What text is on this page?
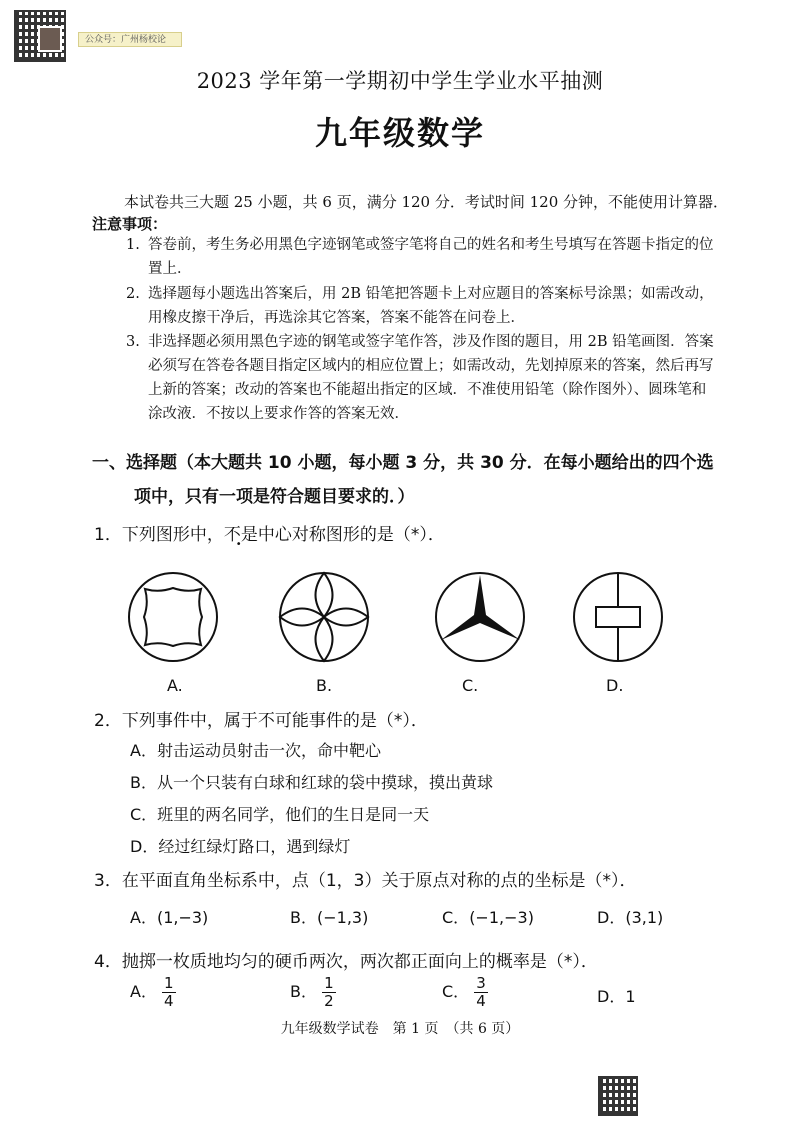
公众号：广州杨校论
2023 学年第一学期初中学生学业水平抽测
九年级数学
本试卷共三大题 25 小题，共 6 页，满分 120 分．考试时间 120 分钟，不能使用计算器．
注意事项：
1. 答卷前，考生务必用黑色字迹钢笔或签字笔将自己的姓名和考生号填写在答题卡指定的位置上．
2. 选择题每小题选出答案后，用 2B 铅笔把答题卡上对应题目的答案标号涂黑；如需改动，用橡皮擦干净后，再选涂其它答案，答案不能答在问卷上．
3. 非选择题必须用黑色字迹的钢笔或签字笔作答，涉及作图的题目，用 2B 铅笔画图．答案必须写在答卷各题目指定区域内的相应位置上；如需改动，先划掉原来的答案，然后再写上新的答案；改动的答案也不能超出指定的区域．不准使用铅笔（除作图外）、圆珠笔和涂改液．不按以上要求作答的答案无效．
一、选择题（本大题共 10 小题，每小题 3 分，共 30 分．在每小题给出的四个选
项中，只有一项是符合题目要求的．）
1．下列图形中，不是中心对称图形的是（*）．
A.	B.	C.	D.
2．下列事件中，属于不可能事件的是（*）．
A．射击运动员射击一次，命中靶心
B．从一个只装有白球和红球的袋中摸球，摸出黄球
C．班里的两名同学，他们的生日是同一天
D．经过红绿灯路口，遇到绿灯
3．在平面直角坐标系中，点（1，3）关于原点对称的点的坐标是（*）．
A．(1,−3)	B．(−1,3)	C．(−1,−3)	D．(3,1)
4．抛掷一枚质地均匀的硬币两次，两次都正面向上的概率是（*）．
A． $\frac{1}{4}$	B． $\frac{1}{2}$	C． $\frac{3}{4}$	D．1
九年级数学试卷　第 1 页　（共 6 页）
